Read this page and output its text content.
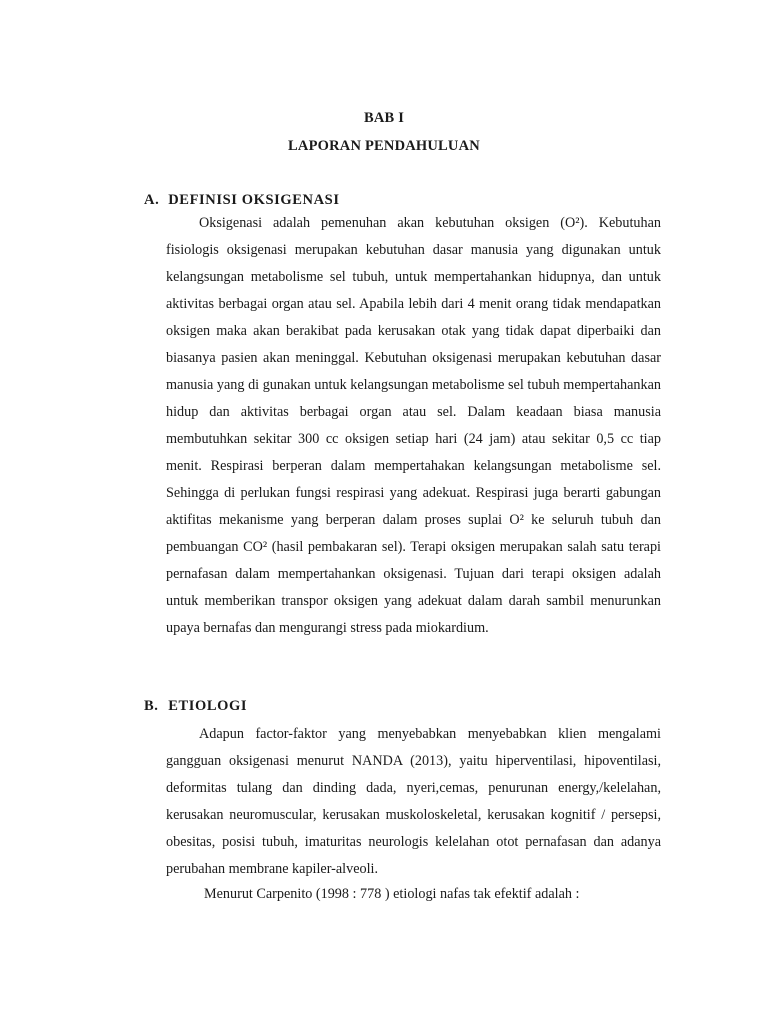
BAB I
LAPORAN PENDAHULUAN
A. DEFINISI OKSIGENASI

Oksigenasi adalah pemenuhan akan kebutuhan oksigen (O²). Kebutuhan fisiologis oksigenasi merupakan kebutuhan dasar manusia yang digunakan untuk kelangsungan metabolisme sel tubuh, untuk mempertahankan hidupnya, dan untuk aktivitas berbagai organ atau sel. Apabila lebih dari 4 menit orang tidak mendapatkan oksigen maka akan berakibat pada kerusakan otak yang tidak dapat diperbaiki dan biasanya pasien akan meninggal. Kebutuhan oksigenasi merupakan kebutuhan dasar manusia yang di gunakan untuk kelangsungan metabolisme sel tubuh mempertahankan hidup dan aktivitas berbagai organ atau sel. Dalam keadaan biasa manusia membutuhkan sekitar 300 cc oksigen setiap hari (24 jam) atau sekitar 0,5 cc tiap menit. Respirasi berperan dalam mempertahakan kelangsungan metabolisme sel. Sehingga di perlukan fungsi respirasi yang adekuat. Respirasi juga berarti gabungan aktifitas mekanisme yang berperan dalam proses suplai O² ke seluruh tubuh dan pembuangan CO² (hasil pembakaran sel). Terapi oksigen merupakan salah satu terapi pernafasan dalam mempertahankan oksigenasi. Tujuan dari terapi oksigen adalah untuk memberikan transpor oksigen yang adekuat dalam darah sambil menurunkan upaya bernafas dan mengurangi stress pada miokardium.

B. ETIOLOGI

Adapun factor-faktor yang menyebabkan menyebabkan klien mengalami gangguan oksigenasi menurut NANDA (2013), yaitu hiperventilasi, hipoventilasi, deformitas tulang dan dinding dada, nyeri,cemas, penurunan energy,/kelelahan, kerusakan neuromuscular, kerusakan muskoloskeletal, kerusakan kognitif / persepsi, obesitas, posisi tubuh, imaturitas neurologis kelelahan otot pernafasan dan adanya perubahan membrane kapiler-alveoli.

Menurut Carpenito (1998 : 778 ) etiologi nafas tak efektif adalah :
